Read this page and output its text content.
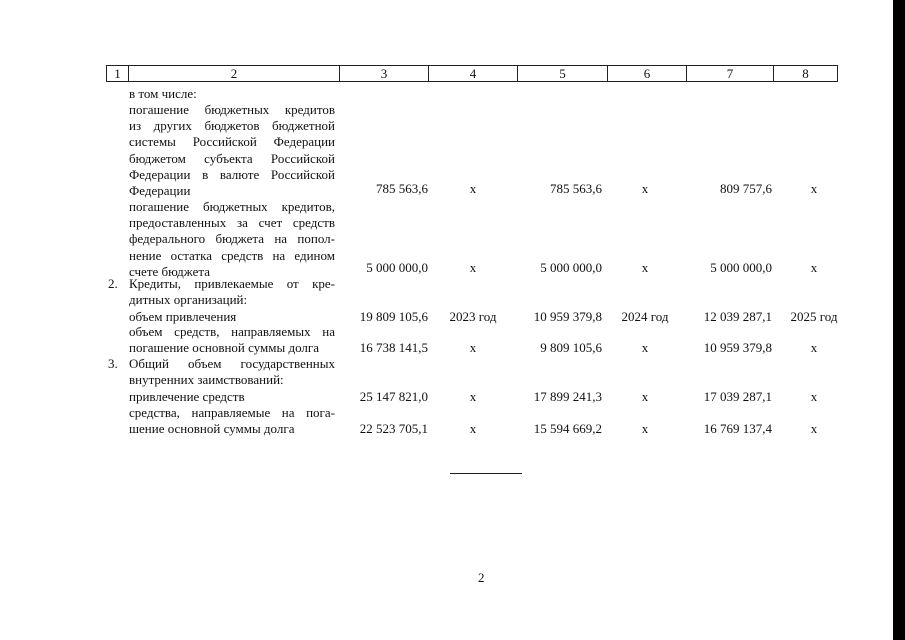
1	2	3	4	5	6	7	8
в том числе:
погашение бюджетных кредитов
из других бюджетов бюджетной
системы Российской Федерации
бюджетом субъекта Российской
Федерации в валюте Российской
Федерации	785 563,6	х	785 563,6	х	809 757,6	х
погашение бюджетных кредитов,
предоставленных за счет средств
федерального бюджета на попол-
нение остатка средств на едином
счете бюджета	5 000 000,0	х	5 000 000,0	х	5 000 000,0	х
2. Кредиты, привлекаемые от кре-
дитных организаций:
объем привлечения	19 809 105,6	2023 год	10 959 379,8	2024 год	12 039 287,1	2025 год
объем средств, направляемых на
погашение основной суммы долга	16 738 141,5	х	9 809 105,6	х	10 959 379,8	х
3. Общий объем государственных
внутренних заимствований:
привлечение средств	25 147 821,0	х	17 899 241,3	х	17 039 287,1	х
средства, направляемые на пога-
шение основной суммы долга	22 523 705,1	х	15 594 669,2	х	16 769 137,4	х
2
